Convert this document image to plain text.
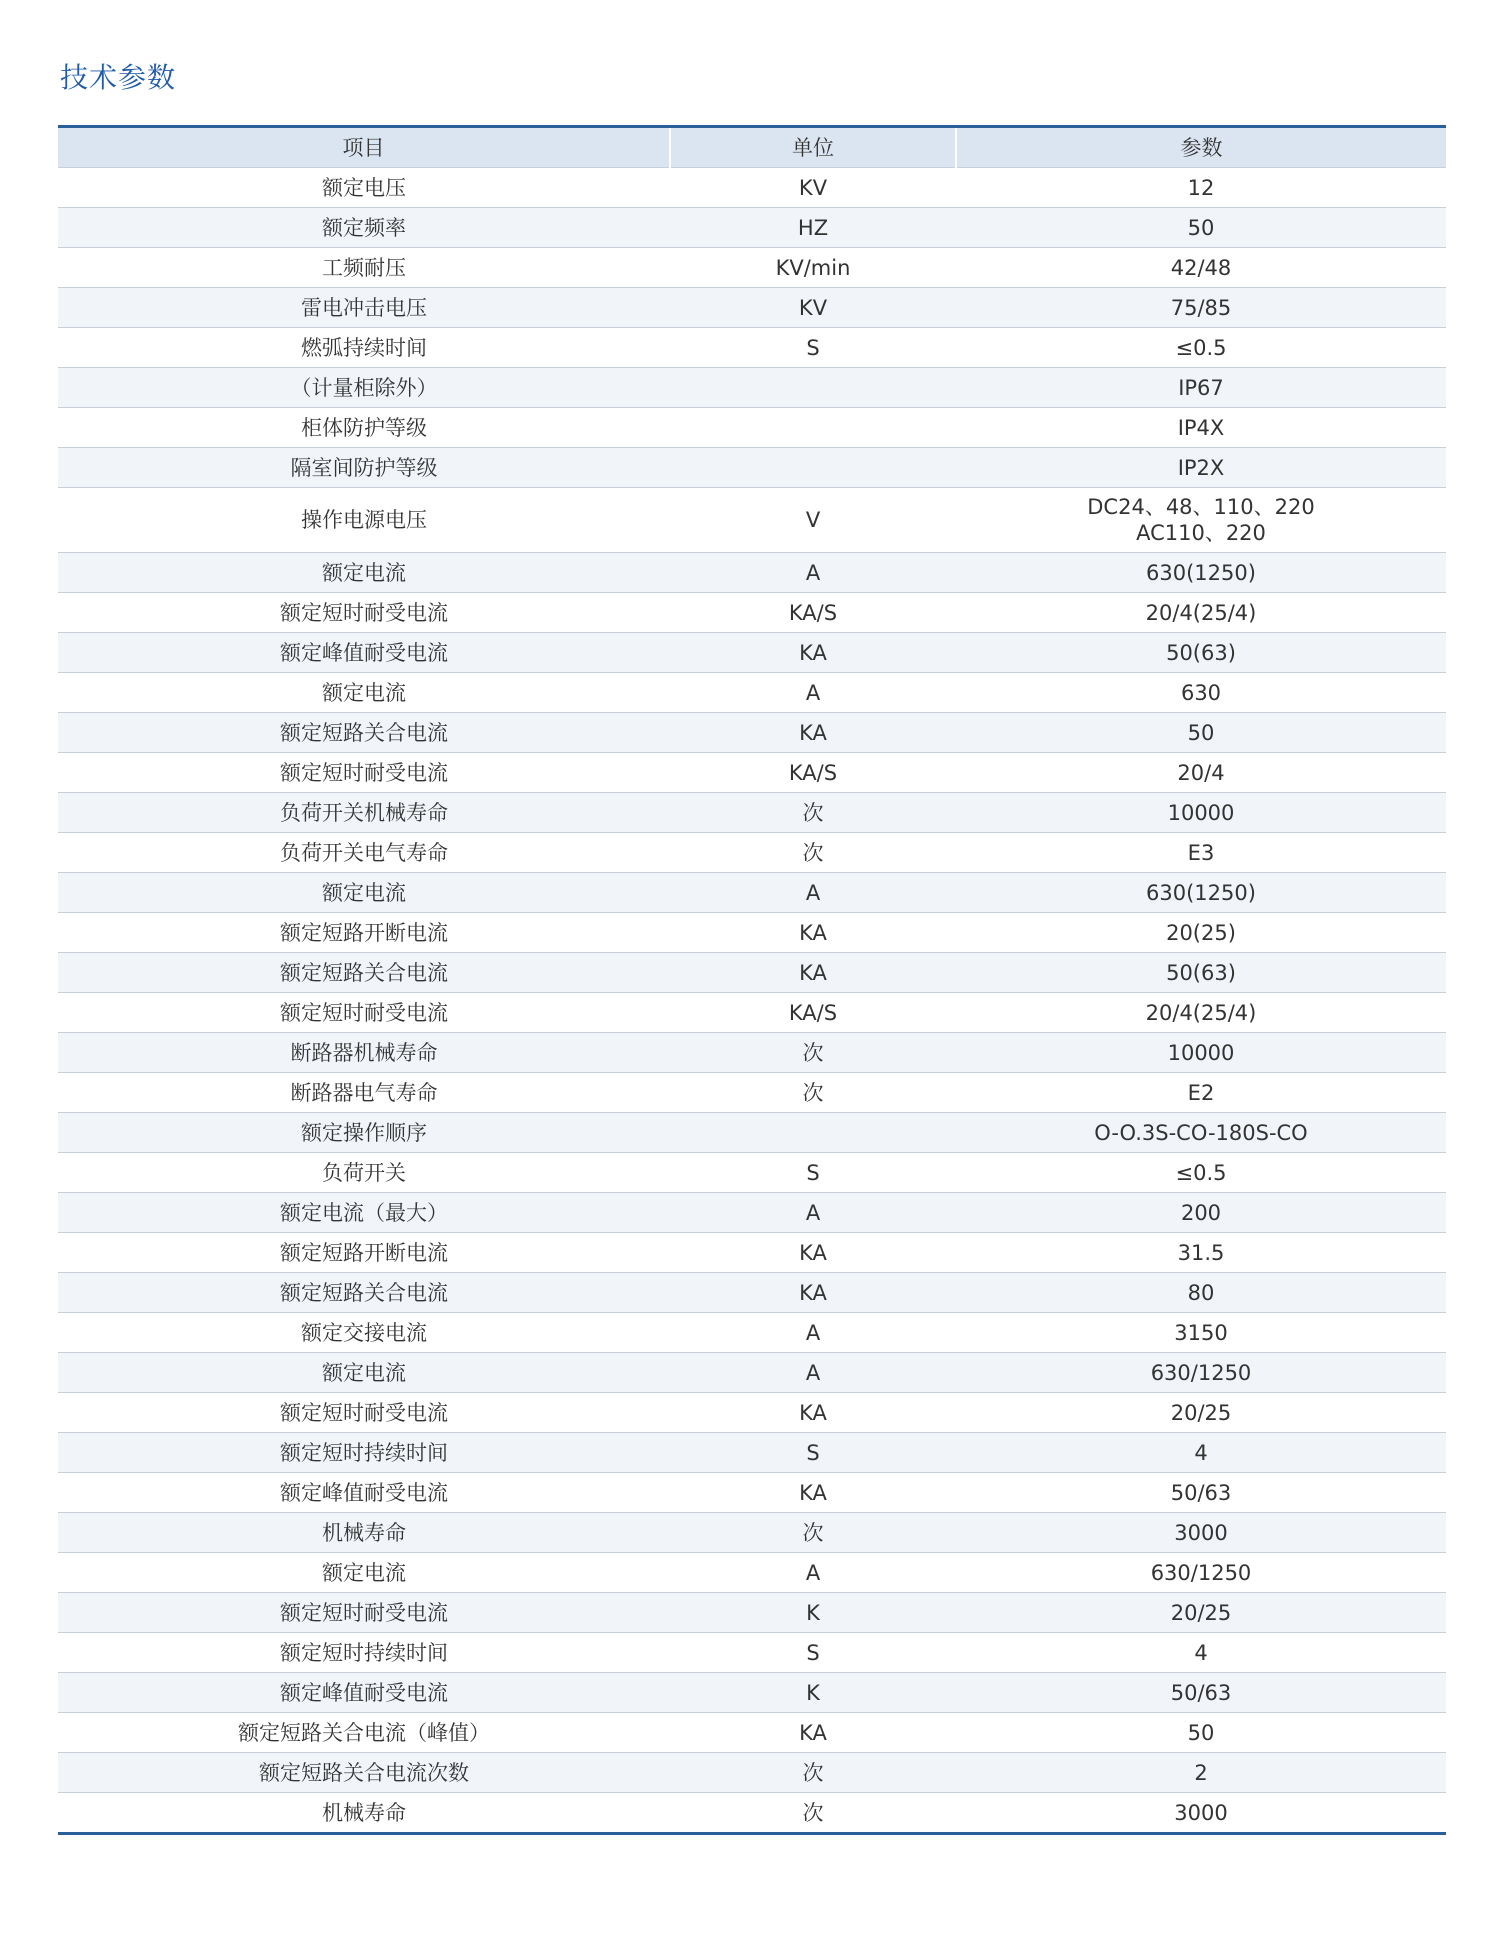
技术参数
项目	单位	参数
额定电压	KV	12
额定频率	HZ	50
工频耐压	KV/min	42/48
雷电冲击电压	KV	75/85
燃弧持续时间	S	≤0.5
（计量柜除外）		IP67
柜体防护等级		IP4X
隔室间防护等级		IP2X
操作电源电压	V	DC24、48、110、220
AC110、220

额定电流	A	630(1250)
额定短时耐受电流	KA/S	20/4(25/4)
额定峰值耐受电流	KA	50(63)
额定电流	A	630
额定短路关合电流	KA	50
额定短时耐受电流	KA/S	20/4
负荷开关机械寿命	次	10000
负荷开关电气寿命	次	E3
额定电流	A	630(1250)
额定短路开断电流	KA	20(25)
额定短路关合电流	KA	50(63)
额定短时耐受电流	KA/S	20/4(25/4)
断路器机械寿命	次	10000
断路器电气寿命	次	E2
额定操作顺序		O-O.3S-CO-180S-CO
负荷开关	S	≤0.5
额定电流（最大）	A	200
额定短路开断电流	KA	31.5
额定短路关合电流	KA	80
额定交接电流	A	3150
额定电流	A	630/1250
额定短时耐受电流	KA	20/25
额定短时持续时间	S	4
额定峰值耐受电流	KA	50/63
机械寿命	次	3000
额定电流	A	630/1250
额定短时耐受电流	K	20/25
额定短时持续时间	S	4
额定峰值耐受电流	K	50/63
额定短路关合电流（峰值）	KA	50
额定短路关合电流次数	次	2
机械寿命	次	3000
